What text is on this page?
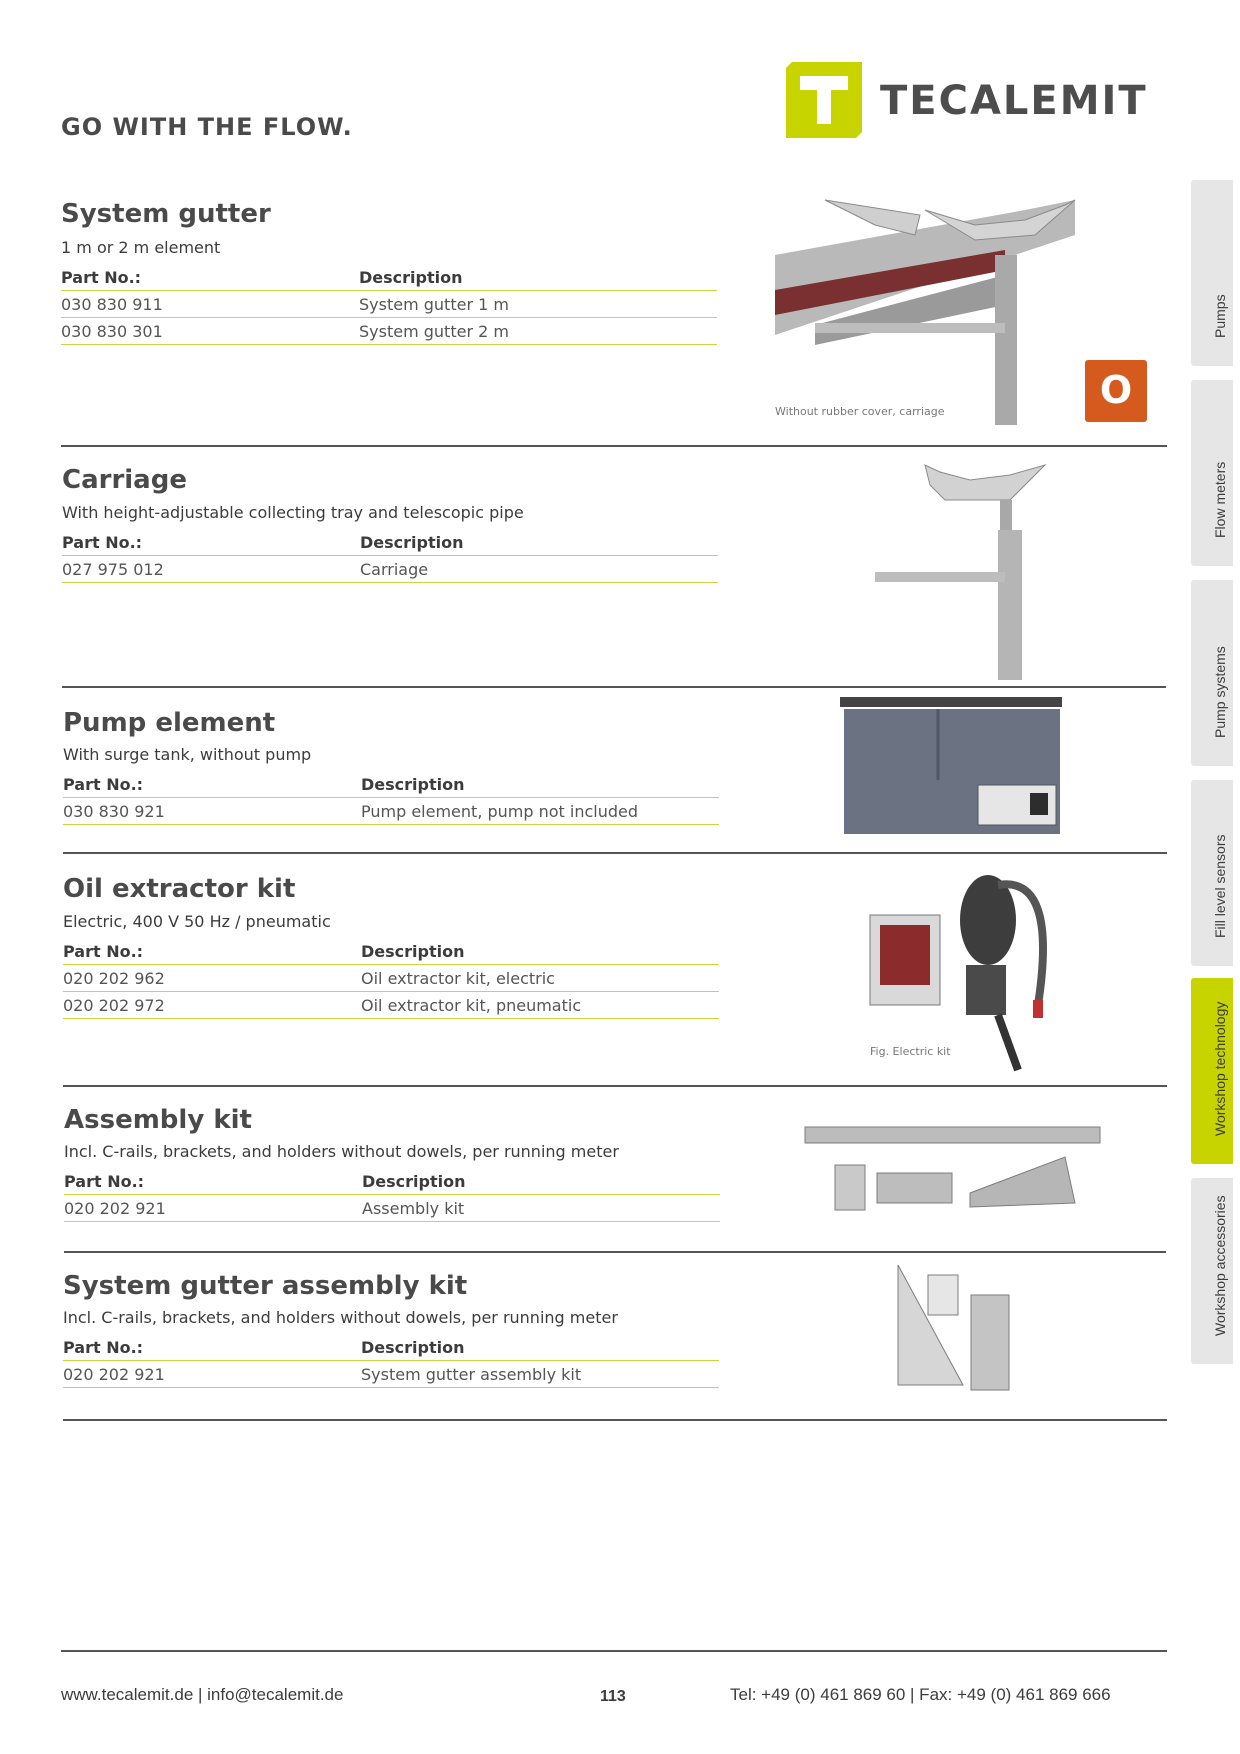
GO WITH THE FLOW.
TECALEMIT
System gutter
1 m or 2 m element
Part No.:	Description
030 830 911	System gutter 1 m
030 830 301	System gutter 2 m
Without rubber cover, carriage	O
Carriage
With height-adjustable collecting tray and telescopic pipe
Part No.:	Description
027 975 012	Carriage
Pump element
With surge tank, without pump
Part No.:	Description
030 830 921	Pump element, pump not included
Oil extractor kit
Electric, 400 V 50 Hz / pneumatic
Part No.:	Description
020 202 962	Oil extractor kit, electric
020 202 972	Oil extractor kit, pneumatic
Fig. Electric kit
Assembly kit
Incl. C-rails, brackets, and holders without dowels, per running meter
Part No.:	Description
020 202 921	Assembly kit
System gutter assembly kit
Incl. C-rails, brackets, and holders without dowels, per running meter
Part No.:	Description
020 202 921	System gutter assembly kit
Pumps
Flow meters
Pump systems
Fill level sensors
Workshop technology
Workshop accessories
www.tecalemit.de | info@tecalemit.de	113	Tel: +49 (0) 461 869 60 | Fax: +49 (0) 461 869 666
